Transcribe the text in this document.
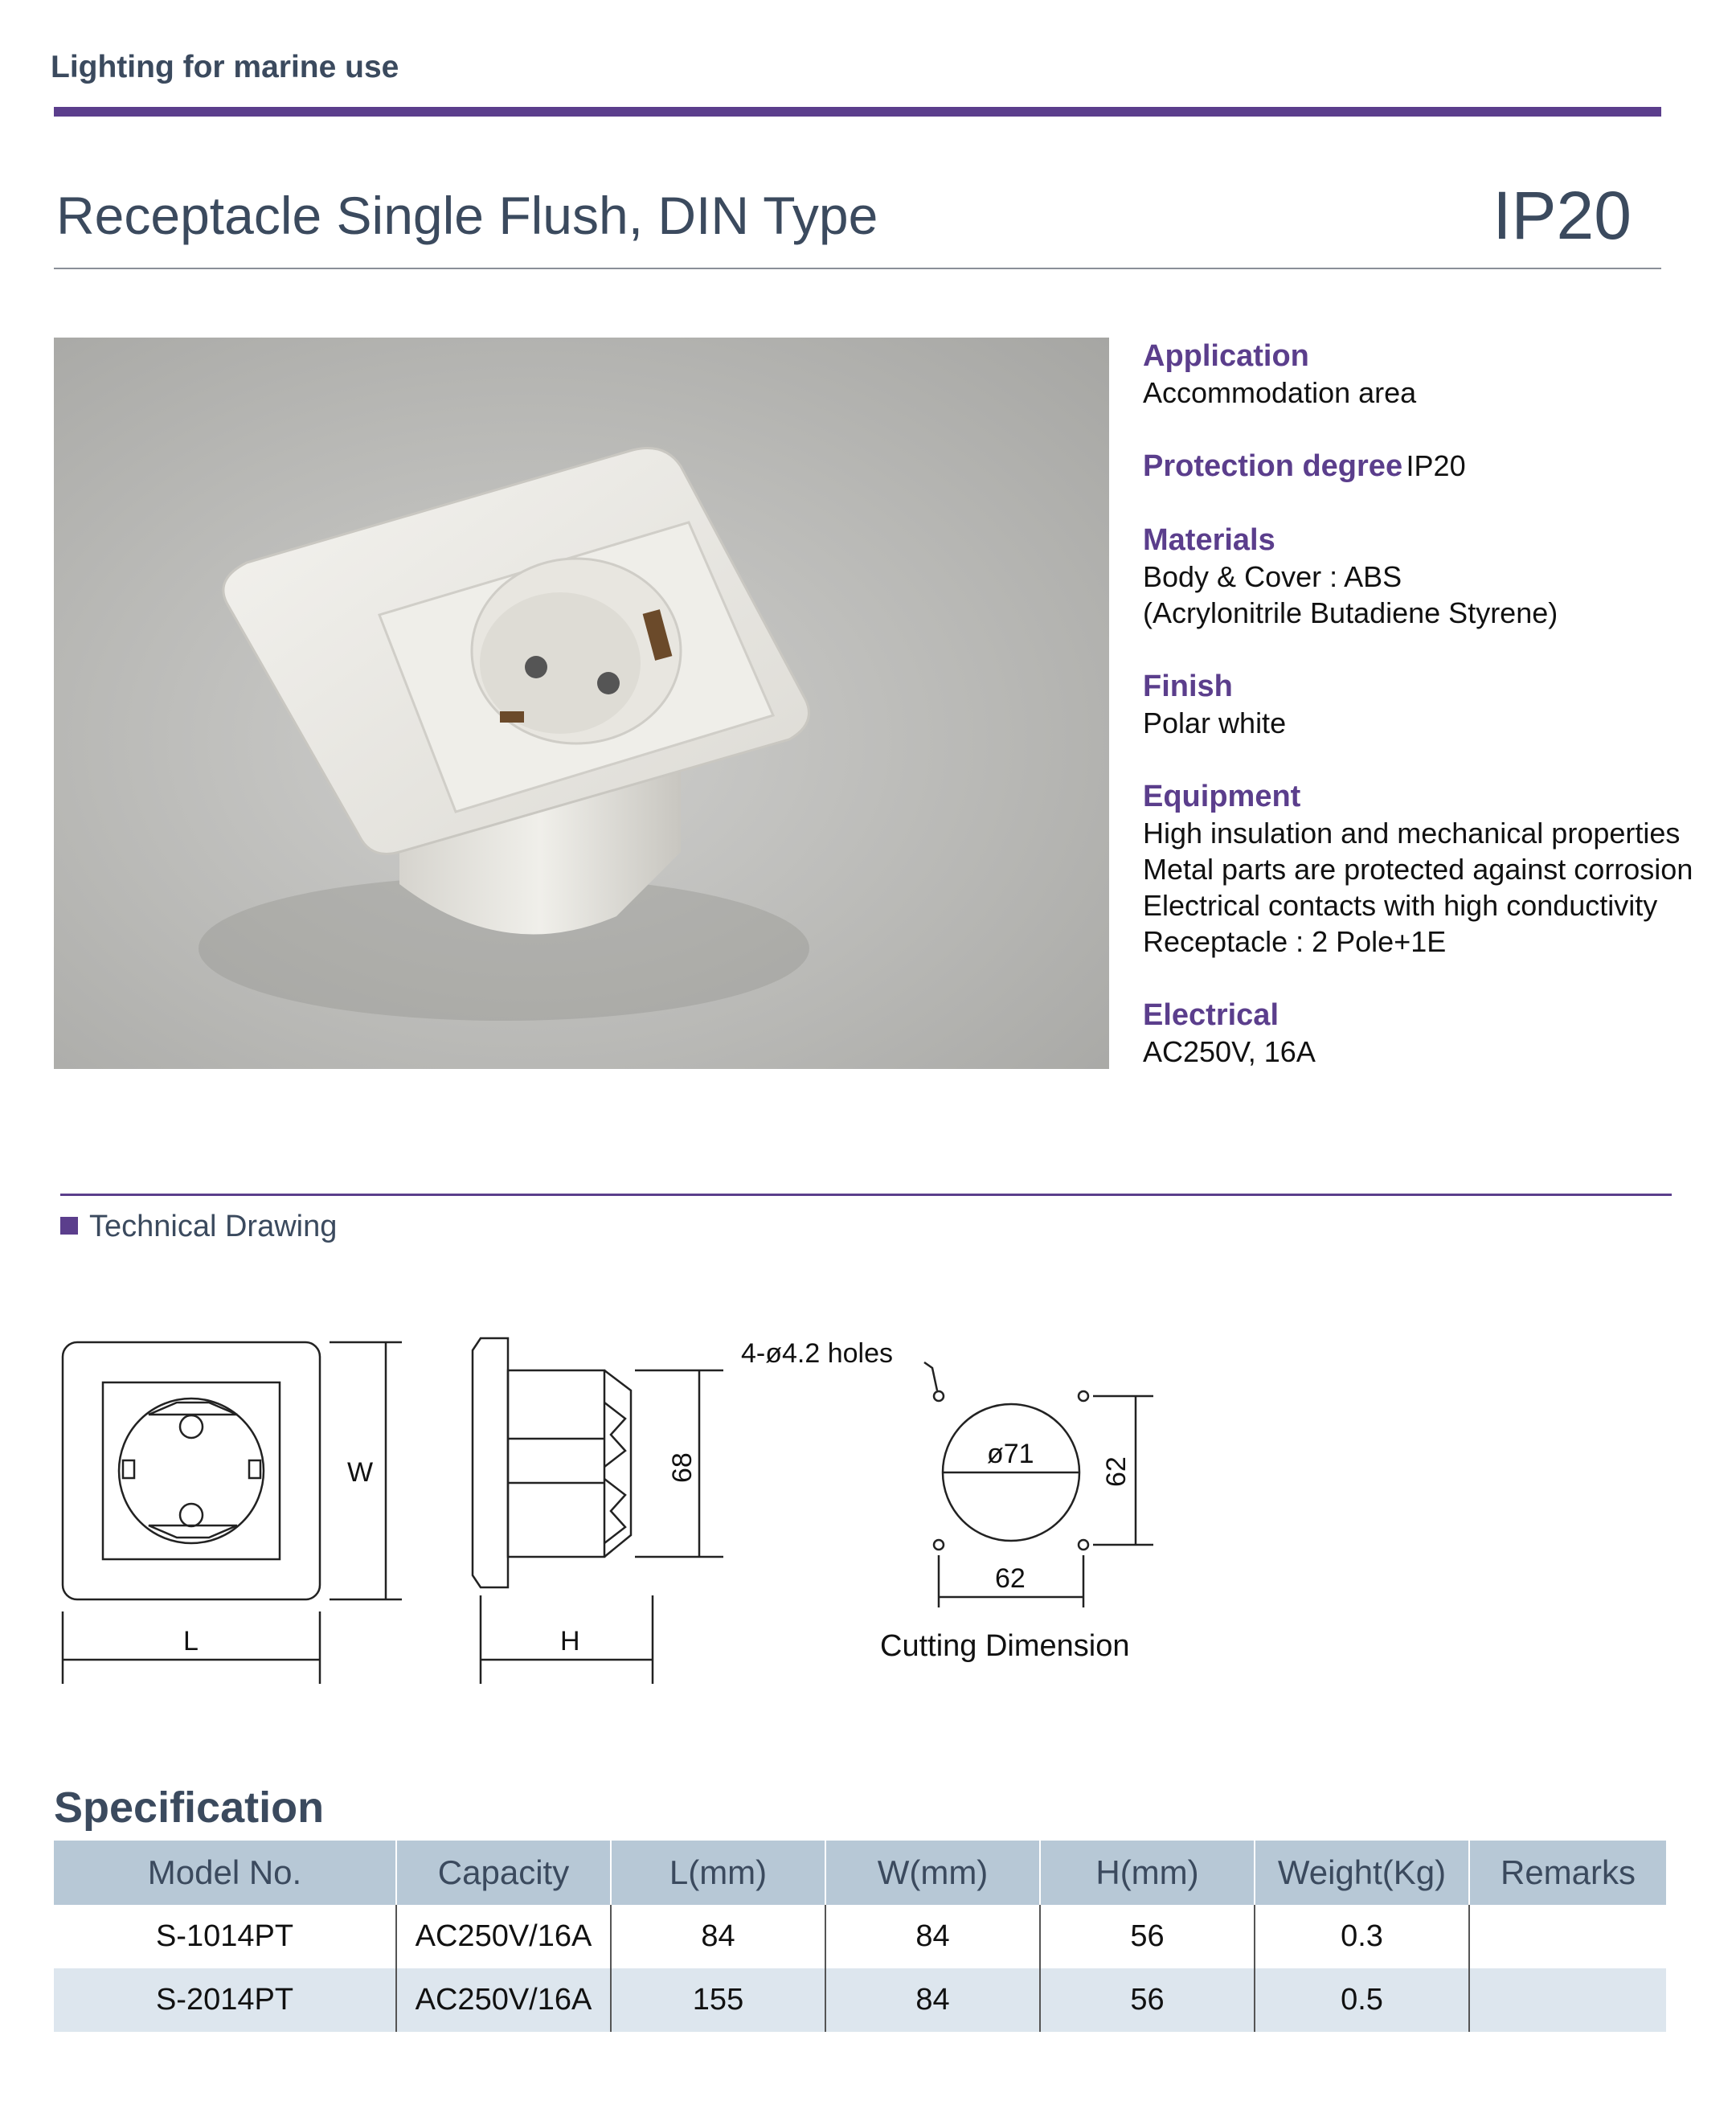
Lighting for marine use
Receptacle Single Flush, DIN Type	IP20
Application
Accommodation area
Protection degree IP20
Materials
Body & Cover : ABS
(Acrylonitrile Butadiene Styrene)
Finish
Polar white
Equipment
High insulation and mechanical properties
Metal parts are protected against corrosion
Electrical contacts with high conductivity
Receptacle : 2 Pole+1E
Electrical
AC250V, 16A
Technical Drawing
W
L	H
68
4-ø4.2 holes
ø71
62
62
Cutting Dimension
Specification
Model No.	Capacity	L(mm)	W(mm)	H(mm)	Weight(Kg)	Remarks
S-1014PT	AC250V/16A	84	84	56	0.3	
S-2014PT	AC250V/16A	155	84	56	0.5	
